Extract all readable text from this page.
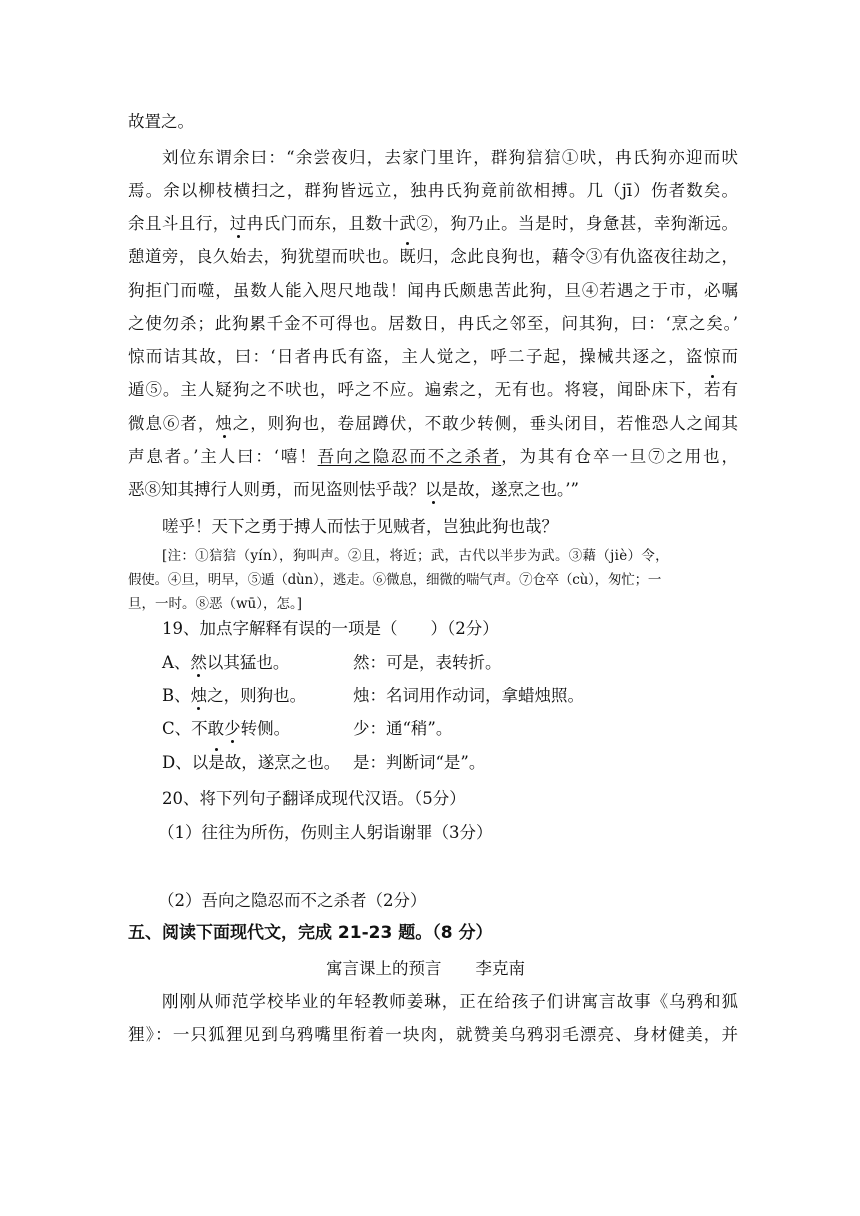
故置之。
刘位东谓余曰：“余尝夜归，去家门里许，群狗狺狺①吠，冉氏狗亦迎而吠
焉。余以柳枝横扫之，群狗皆远立，独冉氏狗竟前欲相搏。几（jī）伤者数矣。
余且斗且行，过冉氏门而东，且数十武②，狗乃止。当是时，身惫甚，幸狗渐远。
憩道旁，良久始去，狗犹望而吠也。既归，念此良狗也，藉令③有仇盗夜往劫之，
狗拒门而噬，虽数人能入咫尺地哉！闻冉氏颇患苦此狗，旦④若遇之于市，必嘱
之使勿杀；此狗累千金不可得也。居数日，冉氏之邻至，问其狗，曰：‘烹之矣。’
惊而诘其故，曰：‘日者冉氏有盗，主人觉之，呼二子起，操械共逐之，盗惊而
遁⑤。主人疑狗之不吠也，呼之不应。遍索之，无有也。将寝，闻卧床下，若有
微息⑥者，烛之，则狗也，卷屈蹲伏，不敢少转侧，垂头闭目，若惟恐人之闻其
声息者。’主人曰：‘嘻！吾向之隐忍而不之杀者，为其有仓卒一旦⑦之用也，
恶⑧知其搏行人则勇，而见盗则怯乎哉？以是故，遂烹之也。’”
嗟乎！天下之勇于搏人而怯于见贼者，岂独此狗也哉？
[注：①狺狺（yín），狗叫声。②且，将近；武，古代以半步为武。③藉（jiè）令，
假使。④旦，明早，⑤遁（dùn），逃走。⑥微息，细微的喘气声。⑦仓卒（cù），匆忙；一
旦，一时。⑧恶（wū），怎。]
19、加点字解释有误的一项是（　　）（2分）
A、然以其猛也。	然：可是，表转折。
B、烛之，则狗也。	烛：名词用作动词，拿蜡烛照。
C、不敢少转侧。	少：通“稍”。
D、以是故，遂烹之也。 是：判断词“是”。
20、将下列句子翻译成现代汉语。（5分）
（1）往往为所伤，伤则主人躬诣谢罪（3分）
（2）吾向之隐忍而不之杀者（2分）
五、阅读下面现代文，完成 21-23 题。（8 分）
寓言课上的预言 李克南
刚刚从师范学校毕业的年轻教师姜琳，正在给孩子们讲寓言故事《乌鸦和狐
狸》：一只狐狸见到乌鸦嘴里衔着一块肉，就赞美乌鸦羽毛漂亮、身材健美，并
